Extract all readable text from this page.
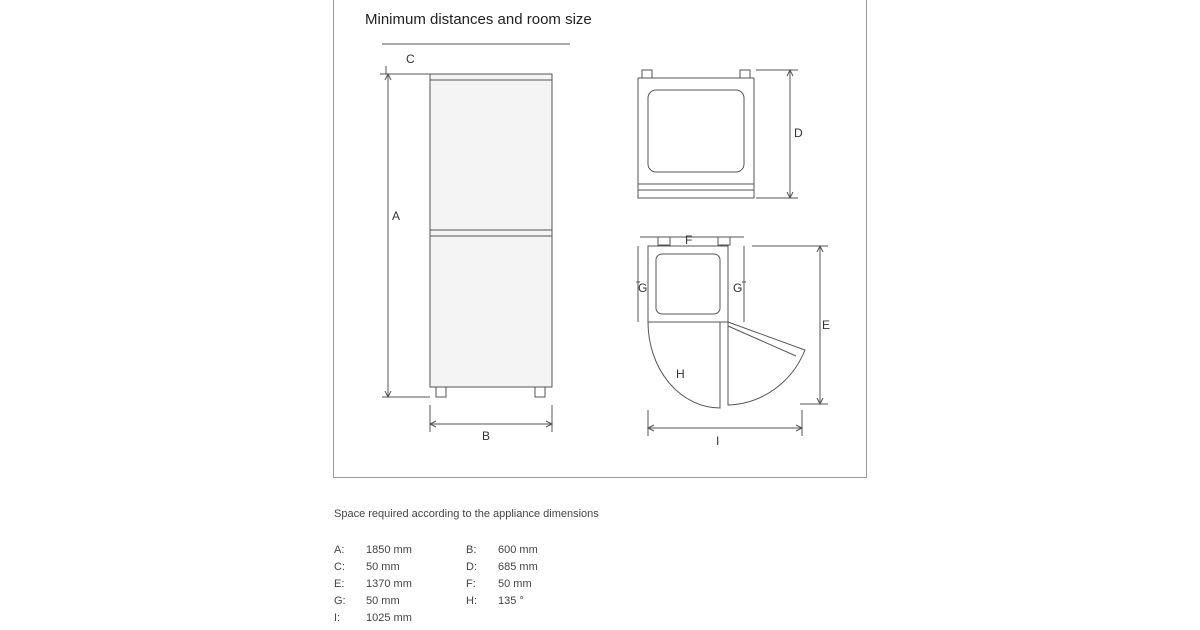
Minimum distances and room size
C
A
B
D
F
G	G
H
E
I
Space required according to the appliance dimensions
A: 1850 mm	B: 600 mm
C: 50 mm	D: 685 mm
E: 1370 mm	F: 50 mm
G: 50 mm	H: 135 °
I: 1025 mm
